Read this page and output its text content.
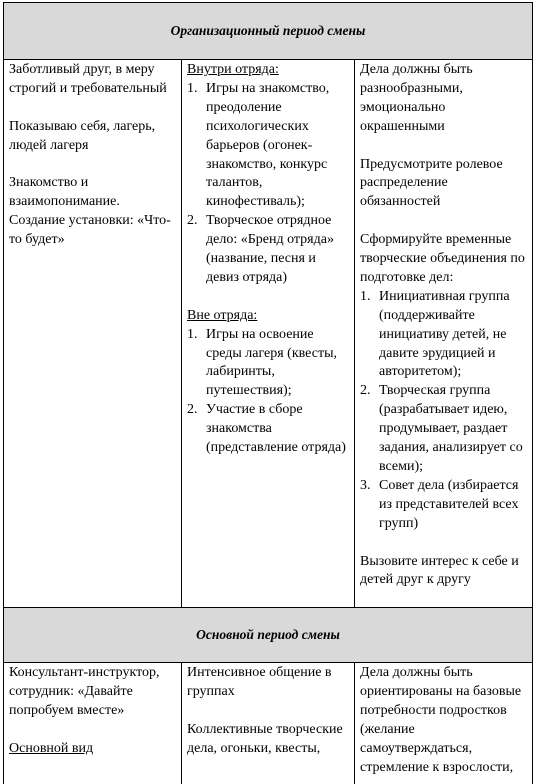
Организационный период смены

Заботливый друг, в меру строгий и требовательный

Показываю себя, лагерь, людей лагеря

Знакомство и взаимопонимание.

Создание установки: «Что-то будет»

Внутри отряда:

1. Игры на знакомство, преодоление психологических барьеров (огонек-знакомство, конкурс талантов, кинофестиваль);
2. Творческое отрядное дело: «Бренд отряда» (название, песня и девиз отряда)

Вне отряда:

1. Игры на освоение среды лагеря (квесты, лабиринты, путешествия);
2. Участие в сборе знакомства (представление отряда)

Дела должны быть разнообразными, эмоционально окрашенными

Предусмотрите ролевое распределение обязанностей

Сформируйте временные творческие объединения по подготовке дел:

1. Инициативная группа (поддерживайте инициативу детей, не давите эрудицией и авторитетом);
2. Творческая группа (разрабатывает идею, продумывает, раздает задания, анализирует со всеми);
3. Совет дела (избирается из представителей всех групп)

Вызовите интерес к себе и детей друг к другу

Основной период смены

Консультант-инструктор, сотрудник: «Давайте попробуем вместе»

Основной вид

Интенсивное общение в группах

Коллективные творческие дела, огоньки, квесты,

Дела должны быть ориентированы на базовые потребности подростков (желание самоутверждаться, стремление к взрослости,
